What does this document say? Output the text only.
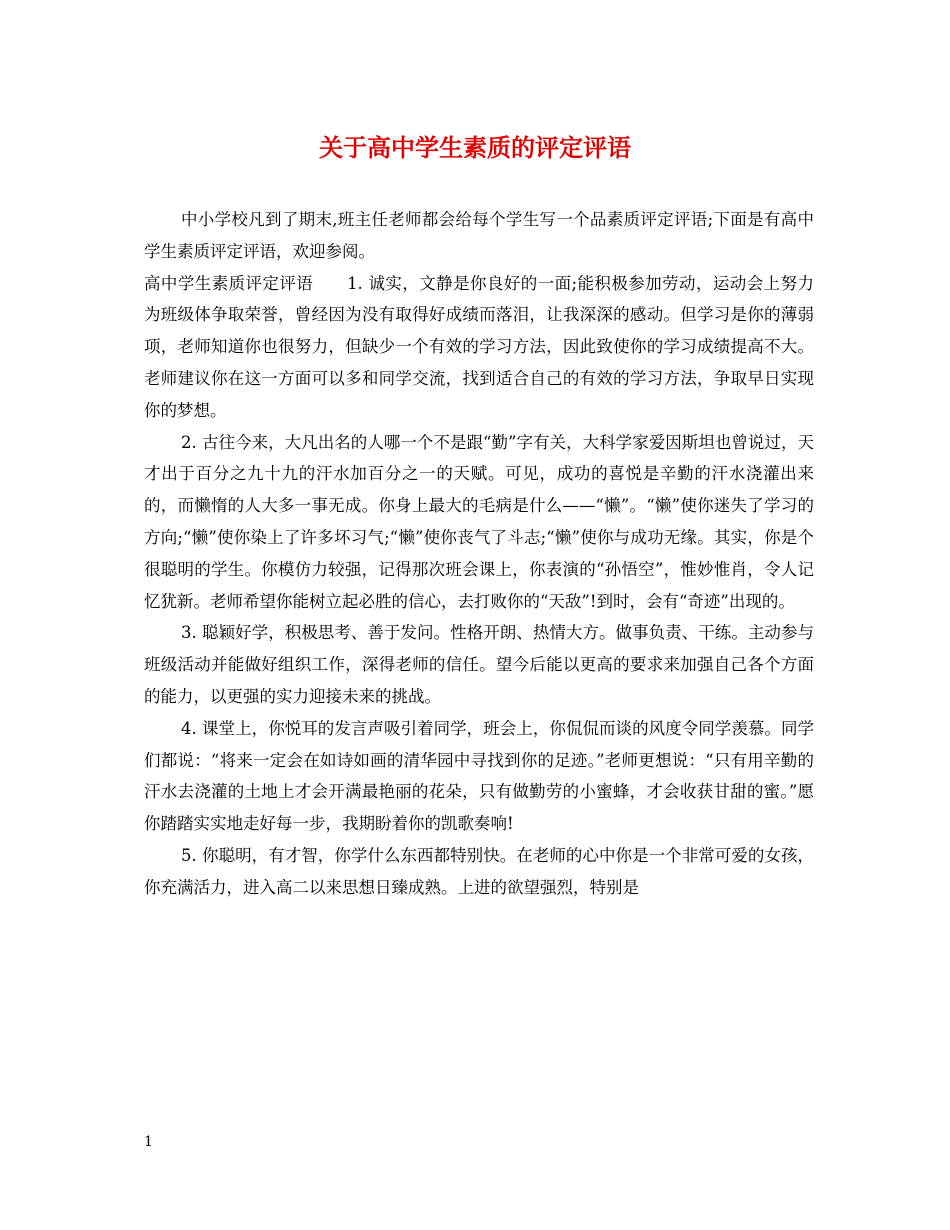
关于高中学生素质的评定评语

中小学校凡到了期末,班主任老师都会给每个学生写一个品素质评定评语;下面是有高中学生素质评定评语，欢迎参阅。

高中学生素质评定评语　　1. 诚实，文静是你良好的一面;能积极参加劳动，运动会上努力为班级体争取荣誉，曾经因为没有取得好成绩而落泪，让我深深的感动。但学习是你的薄弱项，老师知道你也很努力，但缺少一个有效的学习方法，因此致使你的学习成绩提高不大。老师建议你在这一方面可以多和同学交流，找到适合自己的有效的学习方法，争取早日实现你的梦想。

2. 古往今来，大凡出名的人哪一个不是跟“勤”字有关，大科学家爱因斯坦也曾说过，天才出于百分之九十九的汗水加百分之一的天赋。可见，成功的喜悦是辛勤的汗水浇灌出来的，而懒惰的人大多一事无成。你身上最大的毛病是什么——“懒”。“懒”使你迷失了学习的方向;“懒”使你染上了许多坏习气;“懒”使你丧气了斗志;“懒”使你与成功无缘。其实，你是个很聪明的学生。你模仿力较强，记得那次班会课上，你表演的“孙悟空”，惟妙惟肖，令人记忆犹新。老师希望你能树立起必胜的信心，去打败你的“天敌”!到时，会有“奇迹”出现的。

3. 聪颖好学，积极思考、善于发问。性格开朗、热情大方。做事负责、干练。主动参与班级活动并能做好组织工作，深得老师的信任。望今后能以更高的要求来加强自己各个方面的能力，以更强的实力迎接未来的挑战。

4. 课堂上，你悦耳的发言声吸引着同学，班会上，你侃侃而谈的风度令同学羡慕。同学们都说：“将来一定会在如诗如画的清华园中寻找到你的足迹。”老师更想说：“只有用辛勤的汗水去浇灌的土地上才会开满最艳丽的花朵，只有做勤劳的小蜜蜂，才会收获甘甜的蜜。”愿你踏踏实实地走好每一步，我期盼着你的凯歌奏响!

5. 你聪明，有才智，你学什么东西都特别快。在老师的心中你是一个非常可爱的女孩，你充满活力，进入高二以来思想日臻成熟。上进的欲望强烈，特别是

1
